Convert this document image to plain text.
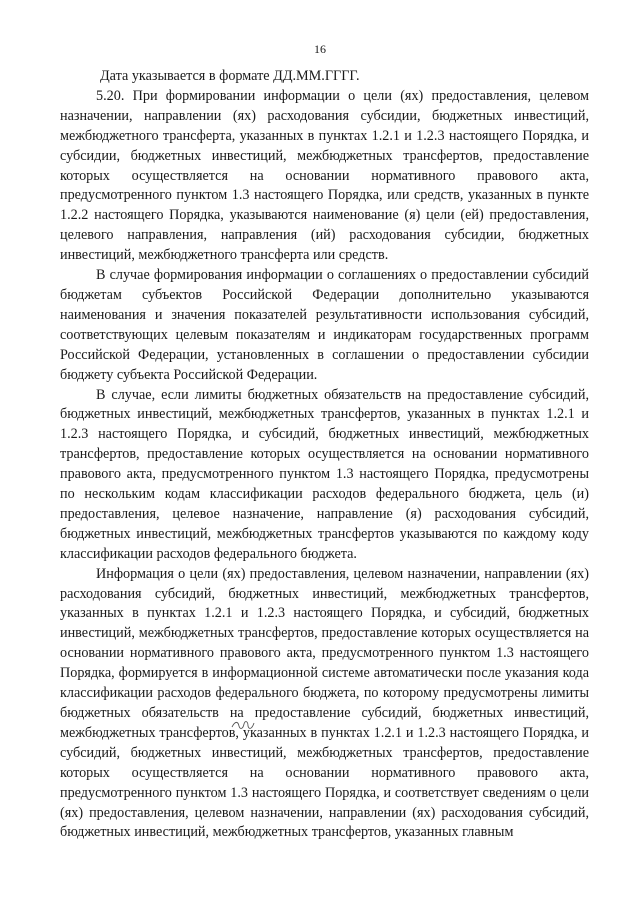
16

Дата указывается в формате ДД.ММ.ГГГГ.

5.20. При формировании информации о цели (ях) предоставления, целевом назначении, направлении (ях) расходования субсидии, бюджетных инвестиций, межбюджетного трансферта, указанных в пунктах 1.2.1 и 1.2.3 настоящего Порядка, и субсидии, бюджетных инвестиций, межбюджетных трансфертов, предоставление которых осуществляется на основании нормативного правового акта, предусмотренного пунктом 1.3 настоящего Порядка, или средств, указанных в пункте 1.2.2 настоящего Порядка, указываются наименование (я) цели (ей) предоставления, целевого направления, направления (ий) расходования субсидии, бюджетных инвестиций, межбюджетного трансферта или средств.

В случае формирования информации о соглашениях о предоставлении субсидий бюджетам субъектов Российской Федерации дополнительно указываются наименования и значения показателей результативности использования субсидий, соответствующих целевым показателям и индикаторам государственных программ Российской Федерации, установленных в соглашении о предоставлении субсидии бюджету субъекта Российской Федерации.

В случае, если лимиты бюджетных обязательств на предоставление субсидий, бюджетных инвестиций, межбюджетных трансфертов, указанных в пунктах 1.2.1 и 1.2.3 настоящего Порядка, и субсидий, бюджетных инвестиций, межбюджетных трансфертов, предоставление которых осуществляется на основании нормативного правового акта, предусмотренного пунктом 1.3 настоящего Порядка, предусмотрены по нескольким кодам классификации расходов федерального бюджета, цель (и) предоставления, целевое назначение, направление (я) расходования субсидий, бюджетных инвестиций, межбюджетных трансфертов указываются по каждому коду классификации расходов федерального бюджета.

Информация о цели (ях) предоставления, целевом назначении, направлении (ях) расходования субсидий, бюджетных инвестиций, межбюджетных трансфертов, указанных в пунктах 1.2.1 и 1.2.3 настоящего Порядка, и субсидий, бюджетных инвестиций, межбюджетных трансфертов, предоставление которых осуществляется на основании нормативного правового акта, предусмотренного пунктом 1.3 настоящего Порядка, формируется в информационной системе автоматически после указания кода классификации расходов федерального бюджета, по которому предусмотрены лимиты бюджетных обязательств на предоставление субсидий, бюджетных инвестиций, межбюджетных трансфертов, указанных в пунктах 1.2.1 и 1.2.3 настоящего Порядка, и субсидий, бюджетных инвестиций, межбюджетных трансфертов, предоставление которых осуществляется на основании нормативного правового акта, предусмотренного пунктом 1.3 настоящего Порядка, и соответствует сведениям о цели (ях) предоставления, целевом назначении, направлении (ях) расходования субсидий, бюджетных инвестиций, межбюджетных трансфертов, указанных главным
